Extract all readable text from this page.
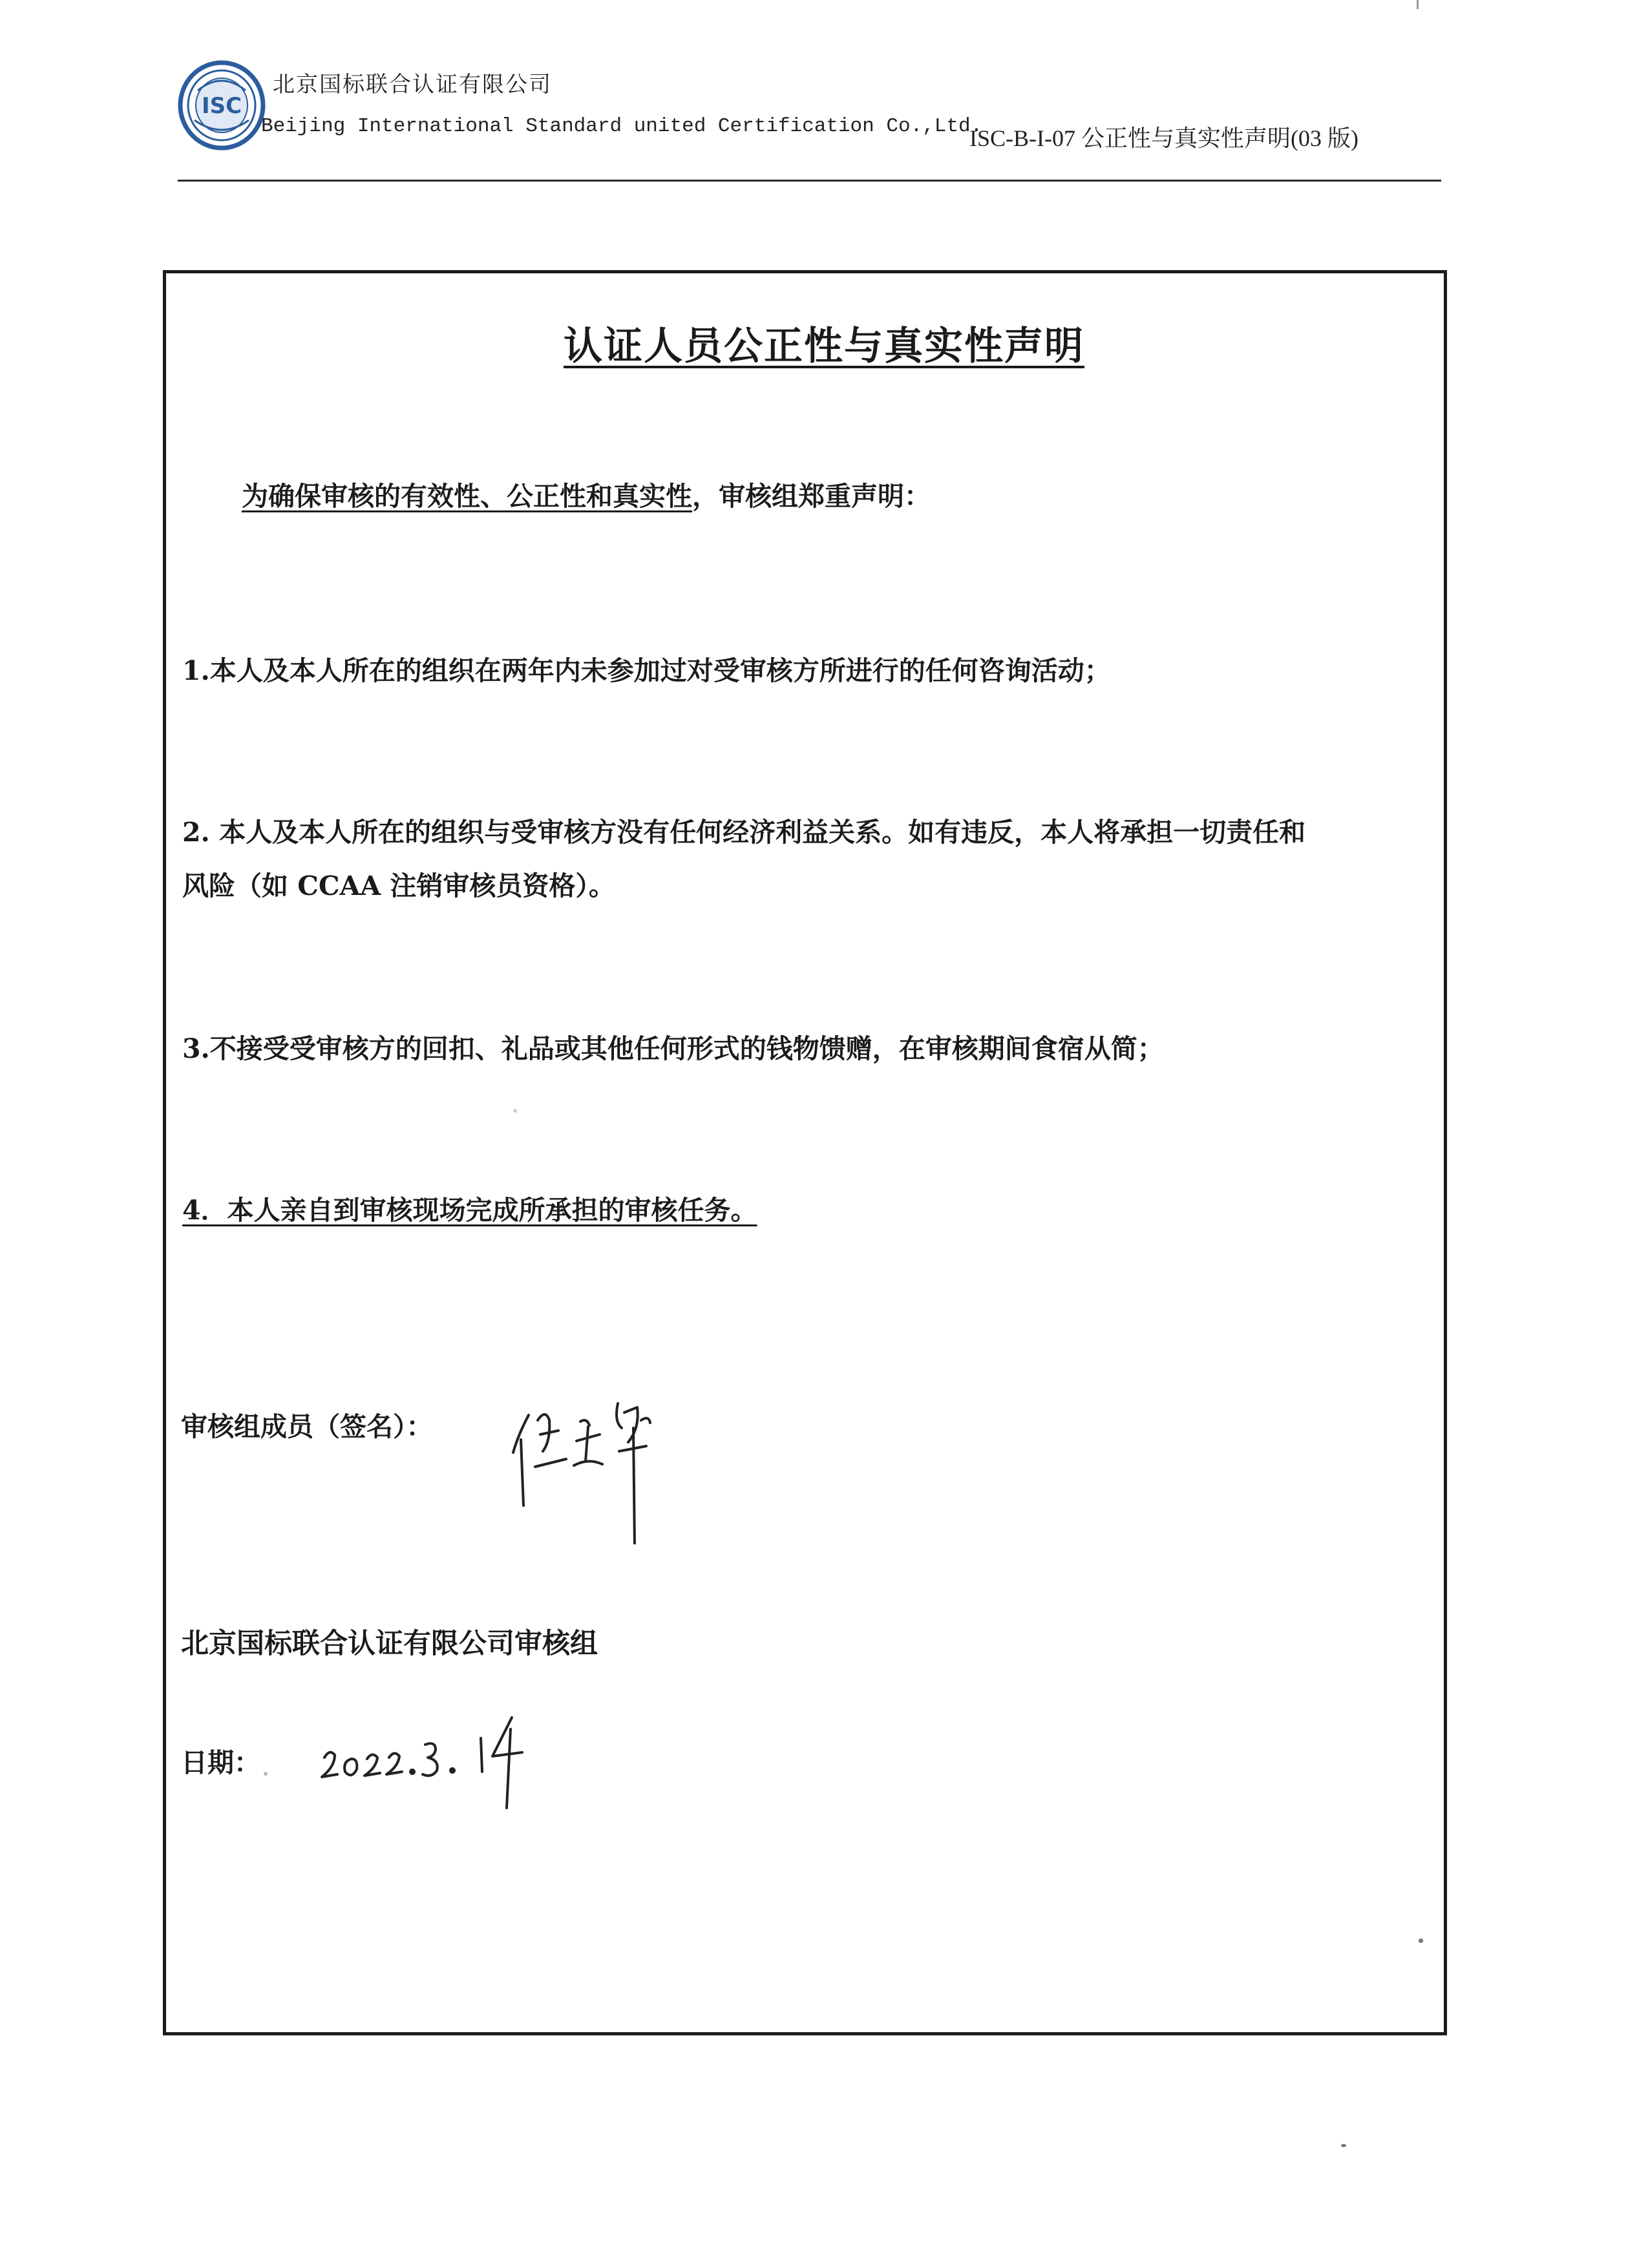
ISC
北京国标联合认证有限公司
Beijing International Standard united Certification Co.,Ltd.
ISC-B-I-07 公正性与真实性声明(03 版)
认证人员公正性与真实性声明
为确保审核的有效性、公正性和真实性，审核组郑重声明：
1.本人及本人所在的组织在两年内未参加过对受审核方所进行的任何咨询活动；
2. 本人及本人所在的组织与受审核方没有任何经济利益关系。如有违反，本人将承担一切责任和
风险（如 CCAA 注销审核员资格）。
3.不接受受审核方的回扣、礼品或其他任何形式的钱物馈赠，在审核期间食宿从简；
4．本人亲自到审核现场完成所承担的审核任务。
审核组成员（签名）：
北京国标联合认证有限公司审核组
日期：
